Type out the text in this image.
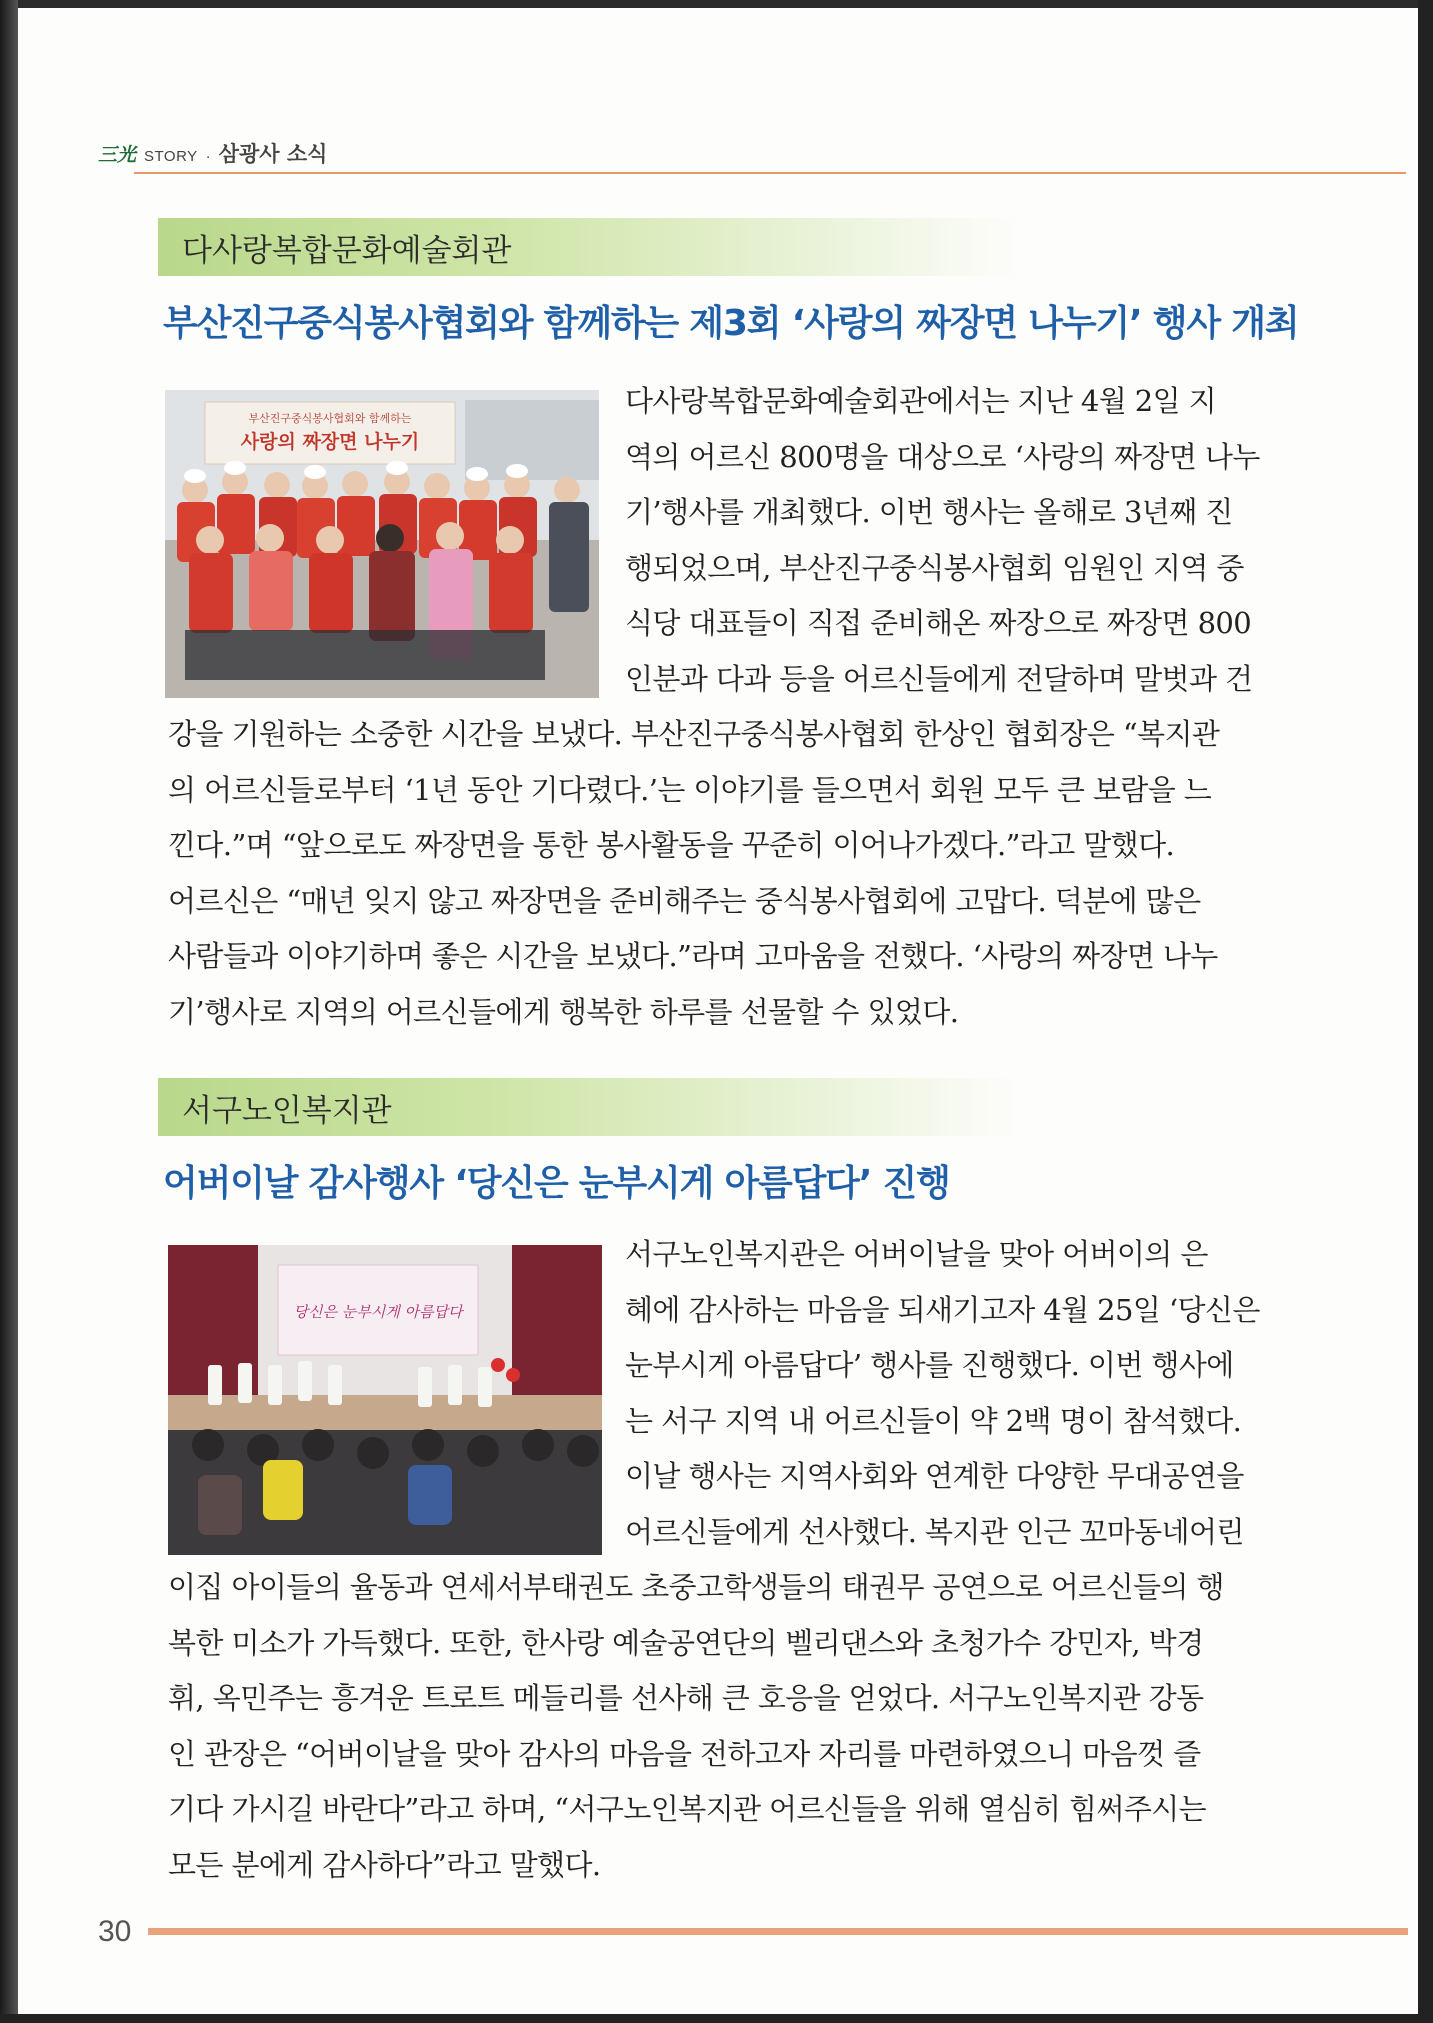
三光 STORY · 삼광사 소식
다사랑복합문화예술회관
부산진구중식봉사협회와 함께하는 제3회 ‘사랑의 짜장면 나누기’ 행사 개최
부산진구중식봉사협회와 함께하는
사랑의 짜장면 나누기
다사랑복합문화예술회관에서는 지난 4월 2일 지
역의 어르신 800명을 대상으로 ‘사랑의 짜장면 나누
기’행사를 개최했다. 이번 행사는 올해로 3년째 진
행되었으며, 부산진구중식봉사협회 임원인 지역 중
식당 대표들이 직접 준비해온 짜장으로 짜장면 800
인분과 다과 등을 어르신들에게 전달하며 말벗과 건
강을 기원하는 소중한 시간을 보냈다. 부산진구중식봉사협회 한상인 협회장은 “복지관
의 어르신들로부터 ‘1년 동안 기다렸다.’는 이야기를 들으면서 회원 모두 큰 보람을 느
낀다.”며 “앞으로도 짜장면을 통한 봉사활동을 꾸준히 이어나가겠다.”라고 말했다.
어르신은 “매년 잊지 않고 짜장면을 준비해주는 중식봉사협회에 고맙다. 덕분에 많은
사람들과 이야기하며 좋은 시간을 보냈다.”라며 고마움을 전했다. ‘사랑의 짜장면 나누
기’행사로 지역의 어르신들에게 행복한 하루를 선물할 수 있었다.
서구노인복지관
어버이날 감사행사 ‘당신은 눈부시게 아름답다’ 진행
당신은 눈부시게 아름답다
서구노인복지관은 어버이날을 맞아 어버이의 은
혜에 감사하는 마음을 되새기고자 4월 25일 ‘당신은
눈부시게 아름답다’ 행사를 진행했다. 이번 행사에
는 서구 지역 내 어르신들이 약 2백 명이 참석했다.
이날 행사는 지역사회와 연계한 다양한 무대공연을
어르신들에게 선사했다. 복지관 인근 꼬마동네어린
이집 아이들의 율동과 연세서부태권도 초중고학생들의 태권무 공연으로 어르신들의 행
복한 미소가 가득했다. 또한, 한사랑 예술공연단의 벨리댄스와 초청가수 강민자, 박경
휘, 옥민주는 흥겨운 트로트 메들리를 선사해 큰 호응을 얻었다. 서구노인복지관 강동
인 관장은 “어버이날을 맞아 감사의 마음을 전하고자 자리를 마련하였으니 마음껏 즐
기다 가시길 바란다”라고 하며, “서구노인복지관 어르신들을 위해 열심히 힘써주시는
모든 분에게 감사하다”라고 말했다.
30
